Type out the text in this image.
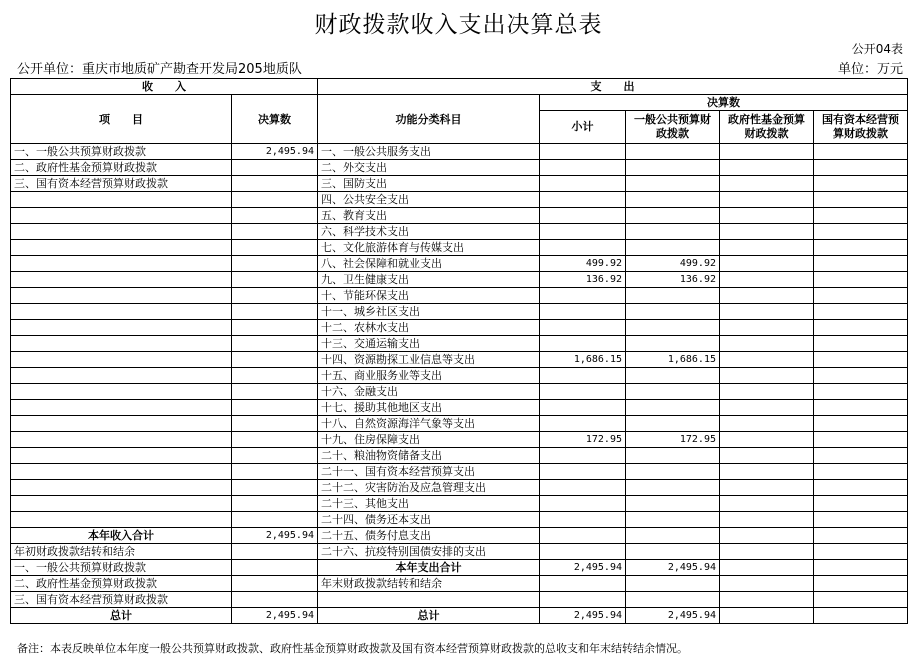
财政拨款收入支出决算总表
公开04表
公开单位：重庆市地质矿产勘查开发局205地质队	单位：万元
收　　入		支　　出				
项　　目	决算数	功能分类科目	决算数			
			小计	一般公共预算财政拨款	政府性基金预算财政拨款	国有资本经营预算财政拨款
一、一般公共预算财政拨款	2,495.94	一、一般公共服务支出				
二、政府性基金预算财政拨款		二、外交支出				
三、国有资本经营预算财政拨款		三、国防支出				
		四、公共安全支出				
		五、教育支出				
		六、科学技术支出				
		七、文化旅游体育与传媒支出				
		八、社会保障和就业支出	499.92	499.92		
		九、卫生健康支出	136.92	136.92		
		十、节能环保支出				
		十一、城乡社区支出				
		十二、农林水支出				
		十三、交通运输支出				
		十四、资源勘探工业信息等支出	1,686.15	1,686.15		
		十五、商业服务业等支出				
		十六、金融支出				
		十七、援助其他地区支出				
		十八、自然资源海洋气象等支出				
		十九、住房保障支出	172.95	172.95		
		二十、粮油物资储备支出				
		二十一、国有资本经营预算支出				
		二十二、灾害防治及应急管理支出				
		二十三、其他支出				
		二十四、债务还本支出				
本年收入合计	2,495.94	二十五、债务付息支出				
年初财政拨款结转和结余		二十六、抗疫特别国债安排的支出				
一、一般公共预算财政拨款		本年支出合计	2,495.94	2,495.94		
二、政府性基金预算财政拨款		年末财政拨款结转和结余				
三、国有资本经营预算财政拨款						
总计	2,495.94	总计	2,495.94	2,495.94		
备注：本表反映单位本年度一般公共预算财政拨款、政府性基金预算财政拨款及国有资本经营预算财政拨款的总收支和年末结转结余情况。
